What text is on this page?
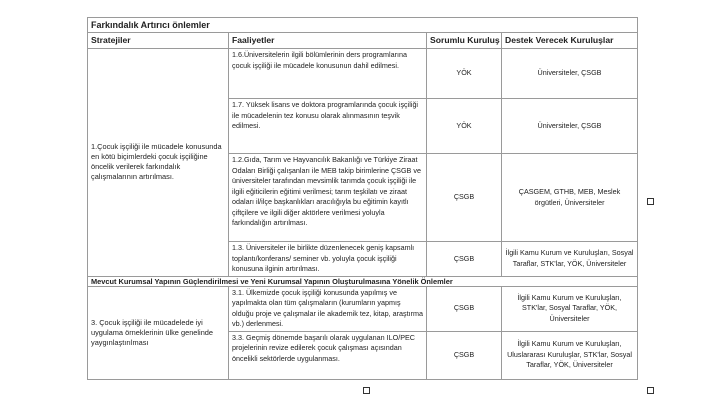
Farkındalık Artırıcı önlemler			
Stratejiler	Faaliyetler	Sorumlu Kuruluş	Destek Verecek Kuruluşlar
1.Çocuk işçiliği ile mücadele konusunda en kötü biçimlerdeki çocuk işçiliğine öncelik verilerek farkındalık çalışmalarının artırılması.	1.6.Üniversitelerin ilgili bölümlerinin ders programlarına çocuk işçiliği ile mücadele konusunun dahil edilmesi.	YÖK	Üniversiteler, ÇSGB
	1.7. Yüksek lisans ve doktora programlarında çocuk işçiliği ile mücadelenin tez konusu olarak alınmasının teşvik edilmesi.	YÖK	Üniversiteler, ÇSGB
	1.2.Gıda, Tarım ve Hayvancılık Bakanlığı ve Türkiye Ziraat Odaları Birliği çalışanları ile MEB takip birimlerine ÇSGB ve üniversiteler tarafından mevsimlik tarımda çocuk işçiliği ile ilgili eğiticilerin eğitimi verilmesi; tarım teşkilatı ve ziraat odaları il/ilçe başkanlıkları aracılığıyla bu eğitimin kayıtlı çiftçilere ve ilgili diğer aktörlere verilmesi yoluyla farkındalığın artırılması.	ÇSGB	ÇASGEM, GTHB, MEB, Meslek örgütleri, Üniversiteler
	1.3. Üniversiteler ile birlikte düzenlenecek geniş kapsamlı toplantı/konferans/ seminer vb. yoluyla çocuk işçiliği konusuna ilginin artırılması.	ÇSGB	İlgili Kamu Kurum ve Kuruluşları, Sosyal Taraflar, STK'lar, YÖK, Üniversiteler
Mevcut Kurumsal Yapının Güçlendirilmesi ve Yeni Kurumsal Yapının Oluşturulmasına Yönelik Önlemler			
3. Çocuk işçiliği ile mücadelede iyi uygulama örneklerinin ülke genelinde yaygınlaştırılması	3.1. Ülkemizde çocuk işçiliği konusunda yapılmış ve yapılmakta olan tüm çalışmaların (kurumların yapmış olduğu proje ve çalışmalar ile akademik tez, kitap, araştırma vb.) derlenmesi.	ÇSGB	İlgili Kamu Kurum ve Kuruluşları, STK'lar, Sosyal Taraflar, YÖK, Üniversiteler
	3.3. Geçmiş dönemde başarılı olarak uygulanan ILO/PEC projelerinin revize edilerek çocuk çalışması açısından öncelikli sektörlerde uygulanması.	ÇSGB	İlgili Kamu Kurum ve Kuruluşları, Uluslararası Kuruluşlar, STK'lar, Sosyal Taraflar, YÖK, Üniversiteler
